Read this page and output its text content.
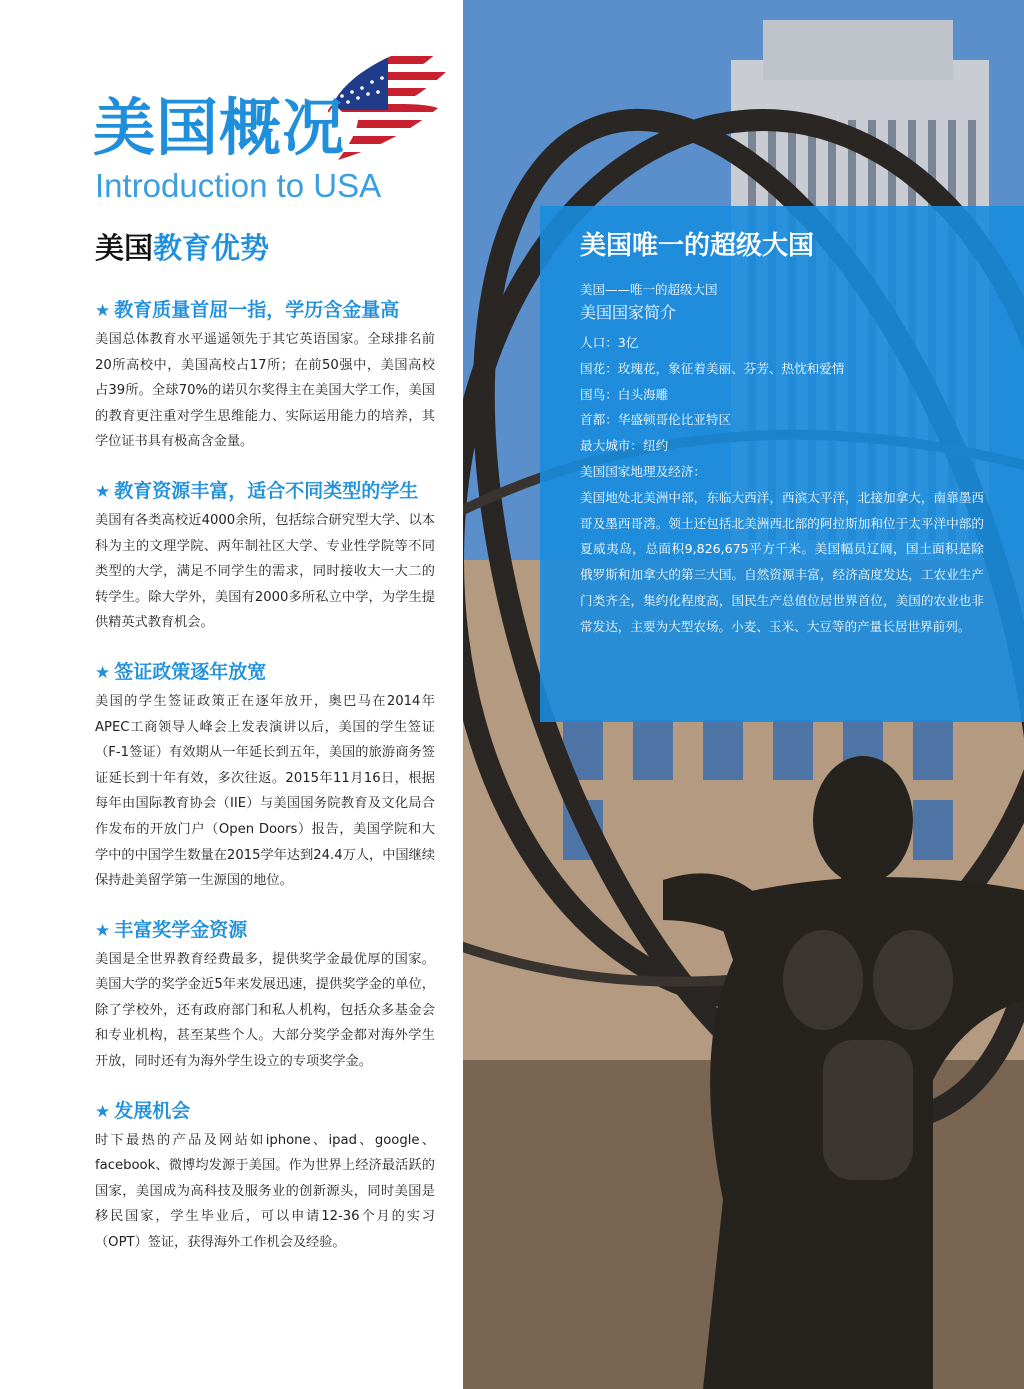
美国概况
Introduction to USA
美国教育优势

★ 教育质量首屈一指，学历含金量高

美国总体教育水平遥遥领先于其它英语国家。全球排名前20所高校中，美国高校占17所；在前50强中，美国高校占39所。全球70%的诺贝尔奖得主在美国大学工作，美国的教育更注重对学生思维能力、实际运用能力的培养，其学位证书具有极高含金量。

★ 教育资源丰富，适合不同类型的学生

美国有各类高校近4000余所，包括综合研究型大学、以本科为主的文理学院、两年制社区大学、专业性学院等不同类型的大学，满足不同学生的需求，同时接收大一大二的转学生。除大学外，美国有2000多所私立中学，为学生提供精英式教育机会。

★ 签证政策逐年放宽

美国的学生签证政策正在逐年放开，奥巴马在2014年APEC工商领导人峰会上发表演讲以后，美国的学生签证（F-1签证）有效期从一年延长到五年，美国的旅游商务签证延长到十年有效，多次往返。2015年11月16日，根据每年由国际教育协会（IIE）与美国国务院教育及文化局合作发布的开放门户（Open Doors）报告，美国学院和大学中的中国学生数量在2015学年达到24.4万人，中国继续保持赴美留学第一生源国的地位。

★ 丰富奖学金资源

美国是全世界教育经费最多，提供奖学金最优厚的国家。美国大学的奖学金近5年来发展迅速，提供奖学金的单位，除了学校外，还有政府部门和私人机构，包括众多基金会和专业机构，甚至某些个人。大部分奖学金都对海外学生开放，同时还有为海外学生设立的专项奖学金。

★ 发展机会

时下最热的产品及网站如iphone、ipad、google、facebook、微博均发源于美国。作为世界上经济最活跃的国家，美国成为高科技及服务业的创新源头，同时美国是移民国家，学生毕业后，可以申请12-36个月的实习（OPT）签证，获得海外工作机会及经验。

美国唯一的超级大国

美国——唯一的超级大国

美国国家简介

人口：3亿
国花：玫瑰花，象征着美丽、芬芳、热忱和爱情
国鸟：白头海雕
首都：华盛顿哥伦比亚特区
最大城市：纽约

美国国家地理及经济：

美国地处北美洲中部，东临大西洋，西滨太平洋，北接加拿大，南靠墨西哥及墨西哥湾。领土还包括北美洲西北部的阿拉斯加和位于太平洋中部的夏威夷岛，总面积9,826,675平方千米。美国幅员辽阔，国土面积是除俄罗斯和加拿大的第三大国。自然资源丰富，经济高度发达，工农业生产门类齐全，集约化程度高，国民生产总值位居世界首位，美国的农业也非常发达，主要为大型农场。小麦、玉米、大豆等的产量长居世界前列。
